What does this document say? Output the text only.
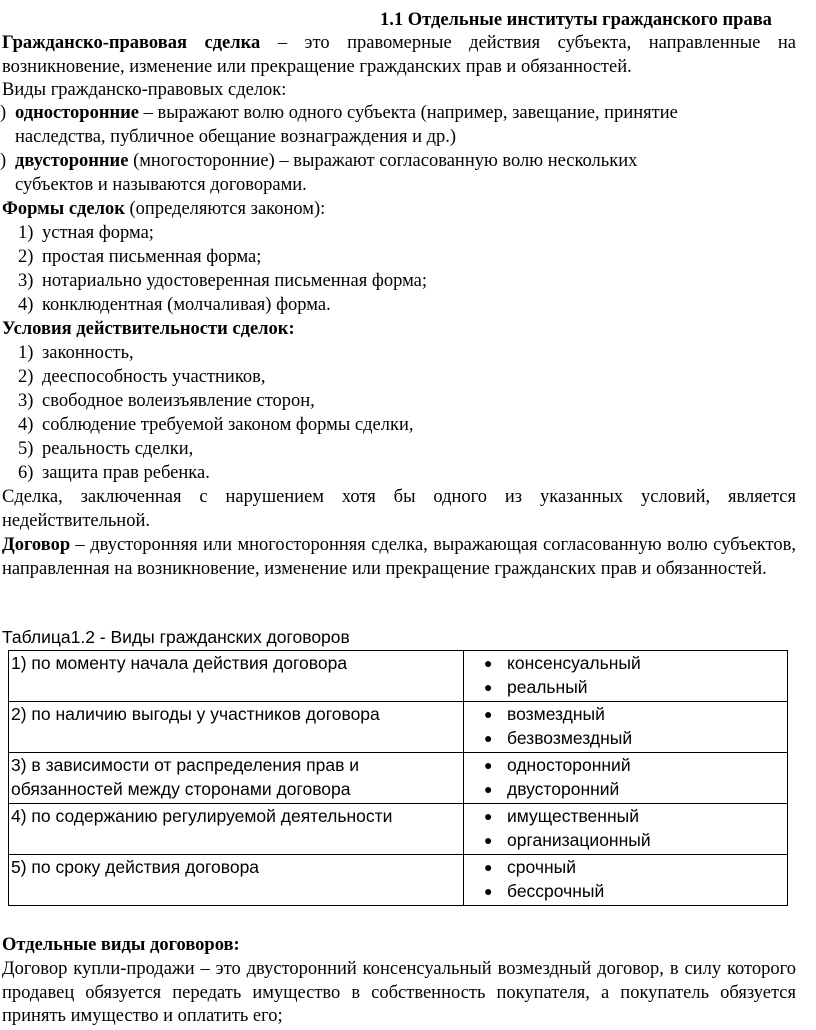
1.1 Отдельные институты гражданского права
Гражданско-правовая сделка – это правомерные действия субъекта, направленные на возникновение, изменение или прекращение гражданских прав и обязанностей.
Виды гражданско-правовых сделок:
) односторонние – выражают волю одного субъекта (например, завещание, принятие
наследства, публичное обещание вознаграждения и др.)
) двусторонние (многосторонние) – выражают согласованную волю нескольких
субъектов и называются договорами.
Формы сделок (определяются законом):
1) устная форма;
2) простая письменная форма;
3) нотариально удостоверенная письменная форма;
4) конклюдентная (молчаливая) форма.
Условия действительности сделок:
1) законность,
2) дееспособность участников,
3) свободное волеизъявление сторон,
4) соблюдение требуемой законом формы сделки,
5) реальность сделки,
6) защита прав ребенка.
Сделка, заключенная с нарушением хотя бы одного из указанных условий, является недействительной.
Договор – двусторонняя или многосторонняя сделка, выражающая согласованную волю субъектов, направленная на возникновение, изменение или прекращение гражданских прав и обязанностей.
Таблица1.2 - Виды гражданских договоров
1) по моменту начала действия договора	● консенсуальный
● реальный

2) по наличию выгоды у участников договора	● возмездный
● безвозмездный

3) в зависимости от распределения прав и обязанностей между сторонами договора	● односторонний
● двусторонний

4) по содержанию регулируемой деятельности	● имущественный
● организационный

5) по сроку действия договора	● срочный
● бессрочный
Отдельные виды договоров:
Договор купли-продажи – это двусторонний консенсуальный возмездный договор, в силу которого продавец обязуется передать имущество в собственность покупателя, а покупатель обязуется принять имущество и оплатить его;
